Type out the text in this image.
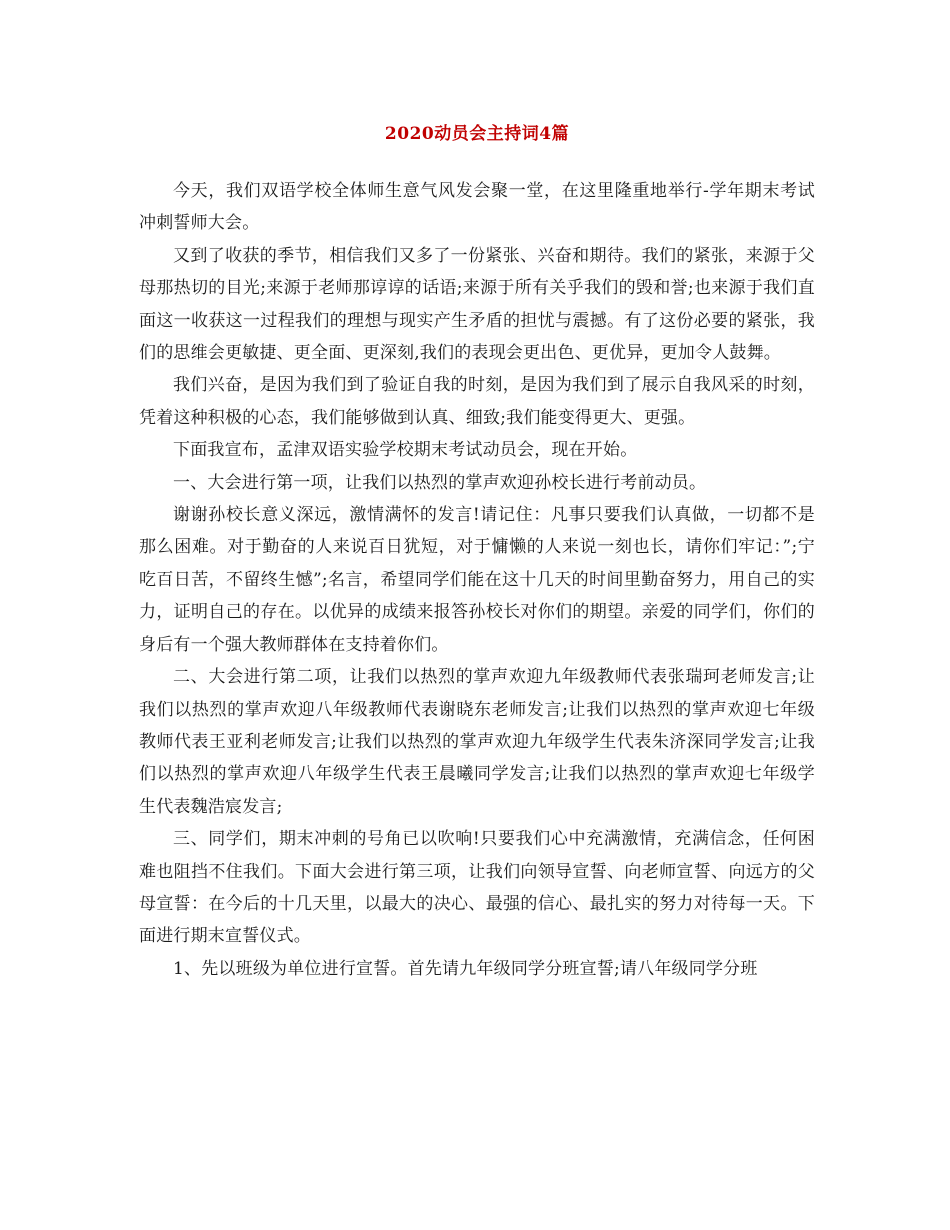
2020动员会主持词4篇

今天，我们双语学校全体师生意气风发会聚一堂，在这里隆重地举行-学年期末考试冲刺誓师大会。

又到了收获的季节，相信我们又多了一份紧张、兴奋和期待。我们的紧张，来源于父母那热切的目光;来源于老师那谆谆的话语;来源于所有关乎我们的毁和誉;也来源于我们直面这一收获这一过程我们的理想与现实产生矛盾的担忧与震撼。有了这份必要的紧张，我们的思维会更敏捷、更全面、更深刻,我们的表现会更出色、更优异，更加令人鼓舞。

我们兴奋，是因为我们到了验证自我的时刻，是因为我们到了展示自我风采的时刻，凭着这种积极的心态，我们能够做到认真、细致;我们能变得更大、更强。

下面我宣布，孟津双语实验学校期末考试动员会，现在开始。

一、大会进行第一项，让我们以热烈的掌声欢迎孙校长进行考前动员。

谢谢孙校长意义深远，激情满怀的发言!请记住：凡事只要我们认真做，一切都不是那么困难。对于勤奋的人来说百日犹短，对于慵懒的人来说一刻也长，请你们牢记：”;宁吃百日苦，不留终生憾”;名言，希望同学们能在这十几天的时间里勤奋努力，用自己的实力，证明自己的存在。以优异的成绩来报答孙校长对你们的期望。亲爱的同学们，你们的身后有一个强大教师群体在支持着你们。

二、大会进行第二项，让我们以热烈的掌声欢迎九年级教师代表张瑞珂老师发言;让我们以热烈的掌声欢迎八年级教师代表谢晓东老师发言;让我们以热烈的掌声欢迎七年级教师代表王亚利老师发言;让我们以热烈的掌声欢迎九年级学生代表朱济深同学发言;让我们以热烈的掌声欢迎八年级学生代表王晨曦同学发言;让我们以热烈的掌声欢迎七年级学生代表魏浩宸发言;

三、同学们，期末冲刺的号角已以吹响!只要我们心中充满激情，充满信念，任何困难也阻挡不住我们。下面大会进行第三项，让我们向领导宣誓、向老师宣誓、向远方的父母宣誓：在今后的十几天里，以最大的决心、最强的信心、最扎实的努力对待每一天。下面进行期末宣誓仪式。

1、先以班级为单位进行宣誓。首先请九年级同学分班宣誓;请八年级同学分班
